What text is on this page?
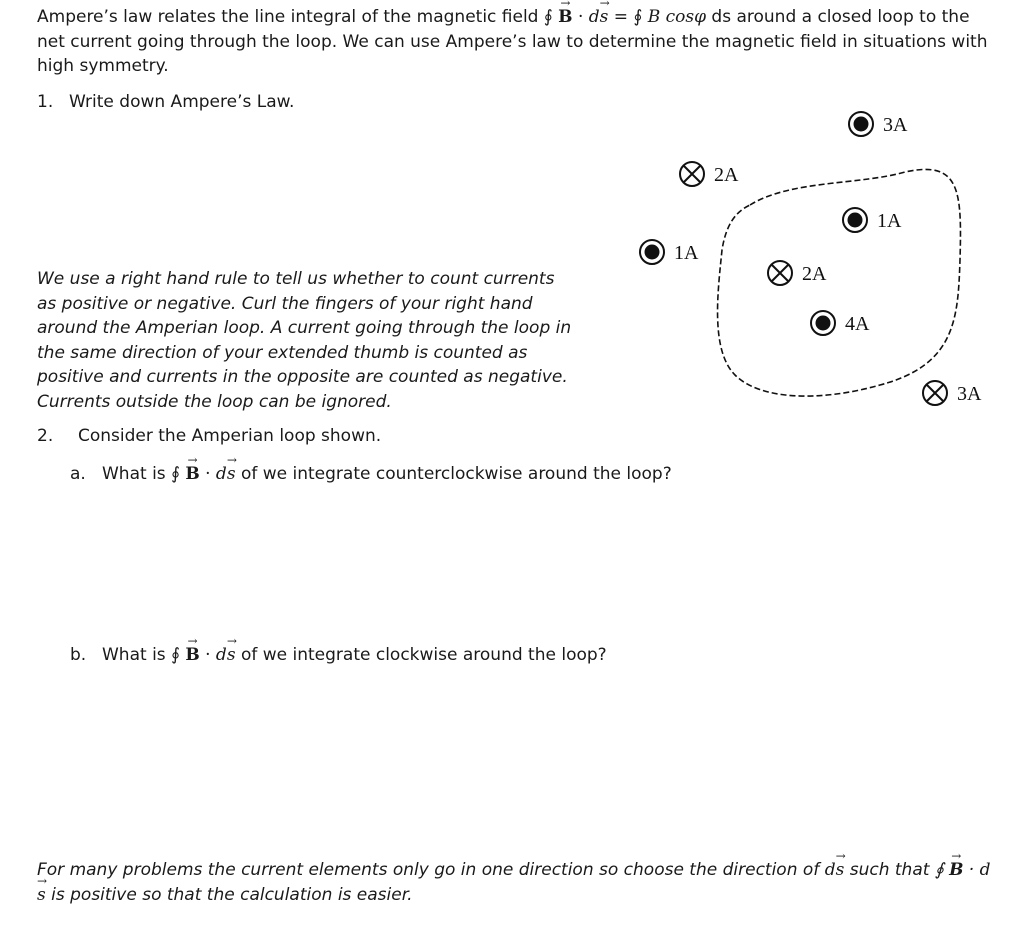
Ampere’s law relates the line integral of the magnetic field ∮ B → · ds → = ∮ B cosφ ds around a closed loop to the net current going through the loop. We can use Ampere’s law to determine the magnetic field in situations with high symmetry.
1. Write down Ampere’s Law.
We use a right hand rule to tell us whether to count currents as positive or negative. Curl the fingers of your right hand around the Amperian loop. A current going through the loop in the same direction of your extended thumb is counted as positive and currents in the opposite are counted as negative. Currents outside the loop can be ignored.
2. Consider the Amperian loop shown.
a. What is ∮ B → · ds → of we integrate counterclockwise around the loop?
b. What is ∮ B → · ds → of we integrate clockwise around the loop?
For many problems the current elements only go in one direction so choose the direction of ds → such that ∮ B → · ds → is positive so that the calculation is easier.
3A
2A
1A
1A
2A
4A
3A
